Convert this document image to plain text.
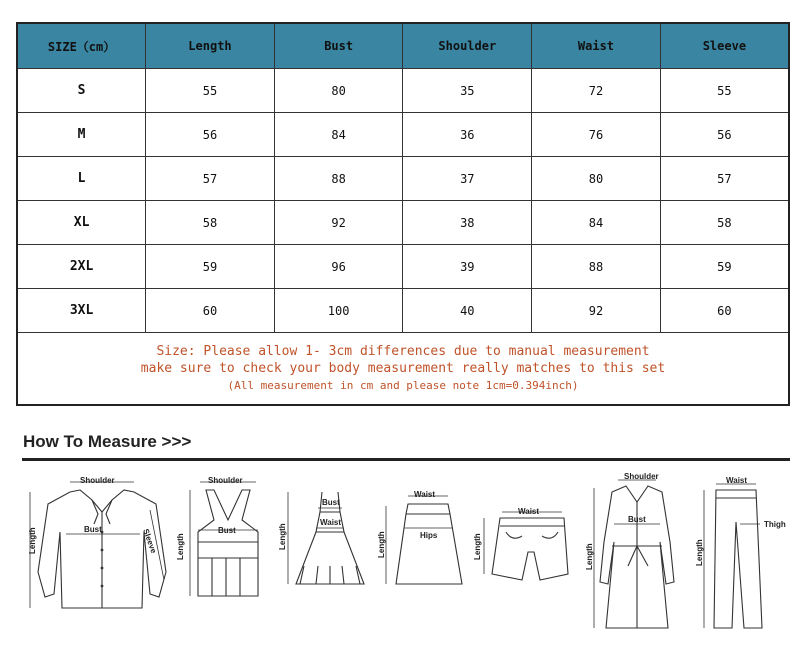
SIZE（cm）	Length	Bust	Shoulder	Waist	Sleeve
S	55	80	35	72	55
M	56	84	36	76	56
L	57	88	37	80	57
XL	58	92	38	84	58
2XL	59	96	39	88	59
3XL	60	100	40	92	60

Size: Please allow 1- 3cm differences due to manual measurement
make sure to check your body measurement really matches to this set
(All measurement in cm and please note 1cm=0.394inch)					
How To Measure >>>
Shoulder
Bust
Length	Sleeve
Shoulder
Bust
Length
Bust
Waist
Length
Waist
Hips
Length
Waist
Length
Shoulder
Bust
Length
Waist
Thigh
Length
